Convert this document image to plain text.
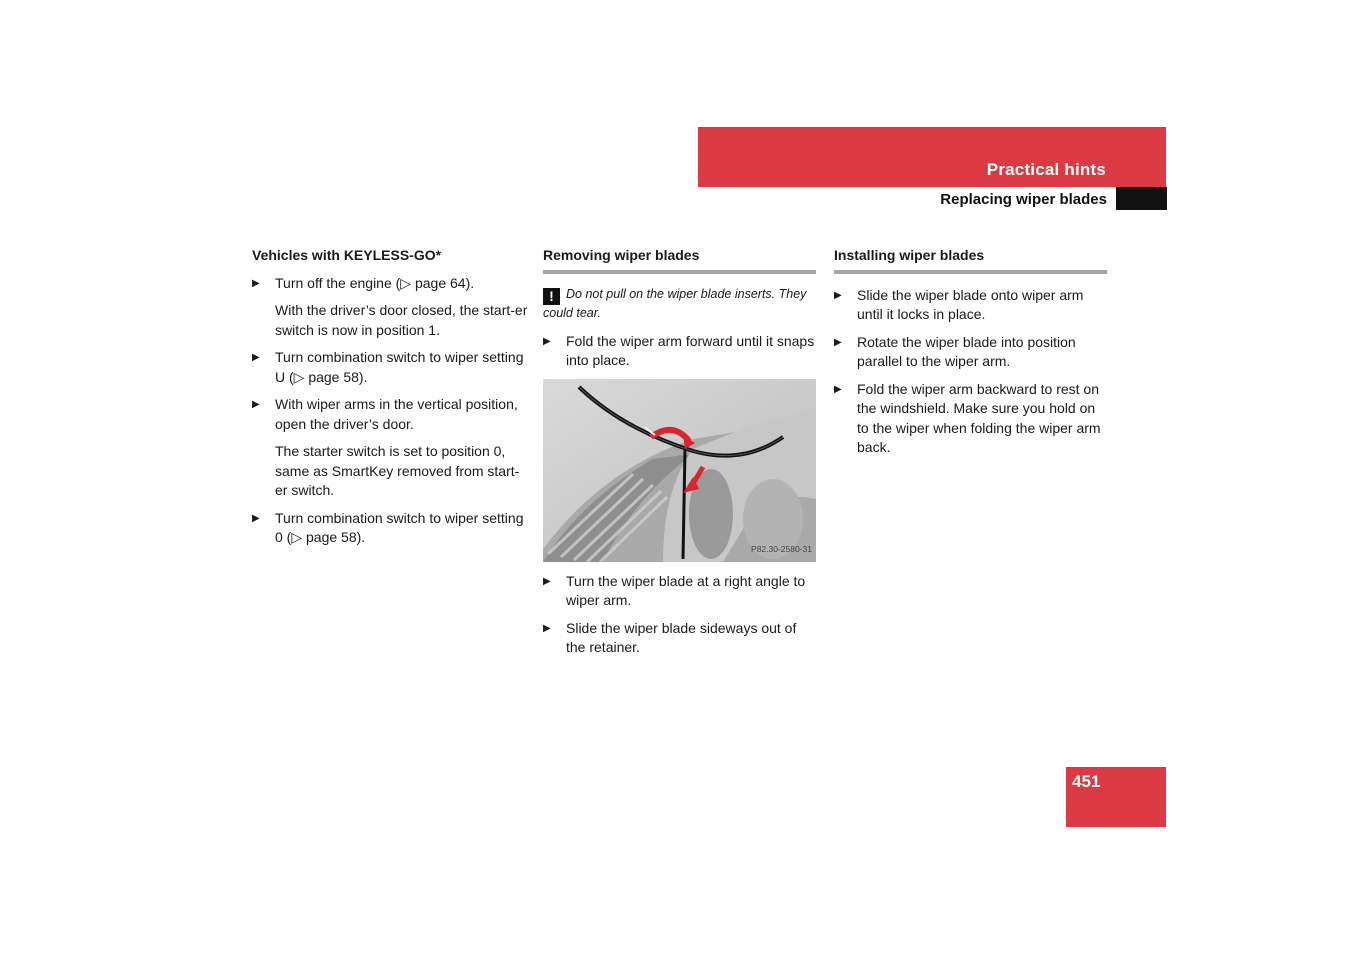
Practical hints
Replacing wiper blades

Vehicles with KEYLESS-GO*

▶ Turn off the engine (▷ page 64).

With the driver’s door closed, the start-er switch is now in position 1.

▶ Turn combination switch to wiper setting U (▷ page 58).
▶ With wiper arms in the vertical position, open the driver’s door.

The starter switch is set to position 0, same as SmartKey removed from start-er switch.

▶ Turn combination switch to wiper setting 0 (▷ page 58).

Removing wiper blades

! Do not pull on the wiper blade inserts. They could tear.

▶ Fold the wiper arm forward until it snaps into place.
P82.30-2580-31
▶ Turn the wiper blade at a right angle to wiper arm.
▶ Slide the wiper blade sideways out of the retainer.

Installing wiper blades

▶ Slide the wiper blade onto wiper arm until it locks in place.
▶ Rotate the wiper blade into position parallel to the wiper arm.
▶ Fold the wiper arm backward to rest on the windshield. Make sure you hold on to the wiper when folding the wiper arm back.

451
